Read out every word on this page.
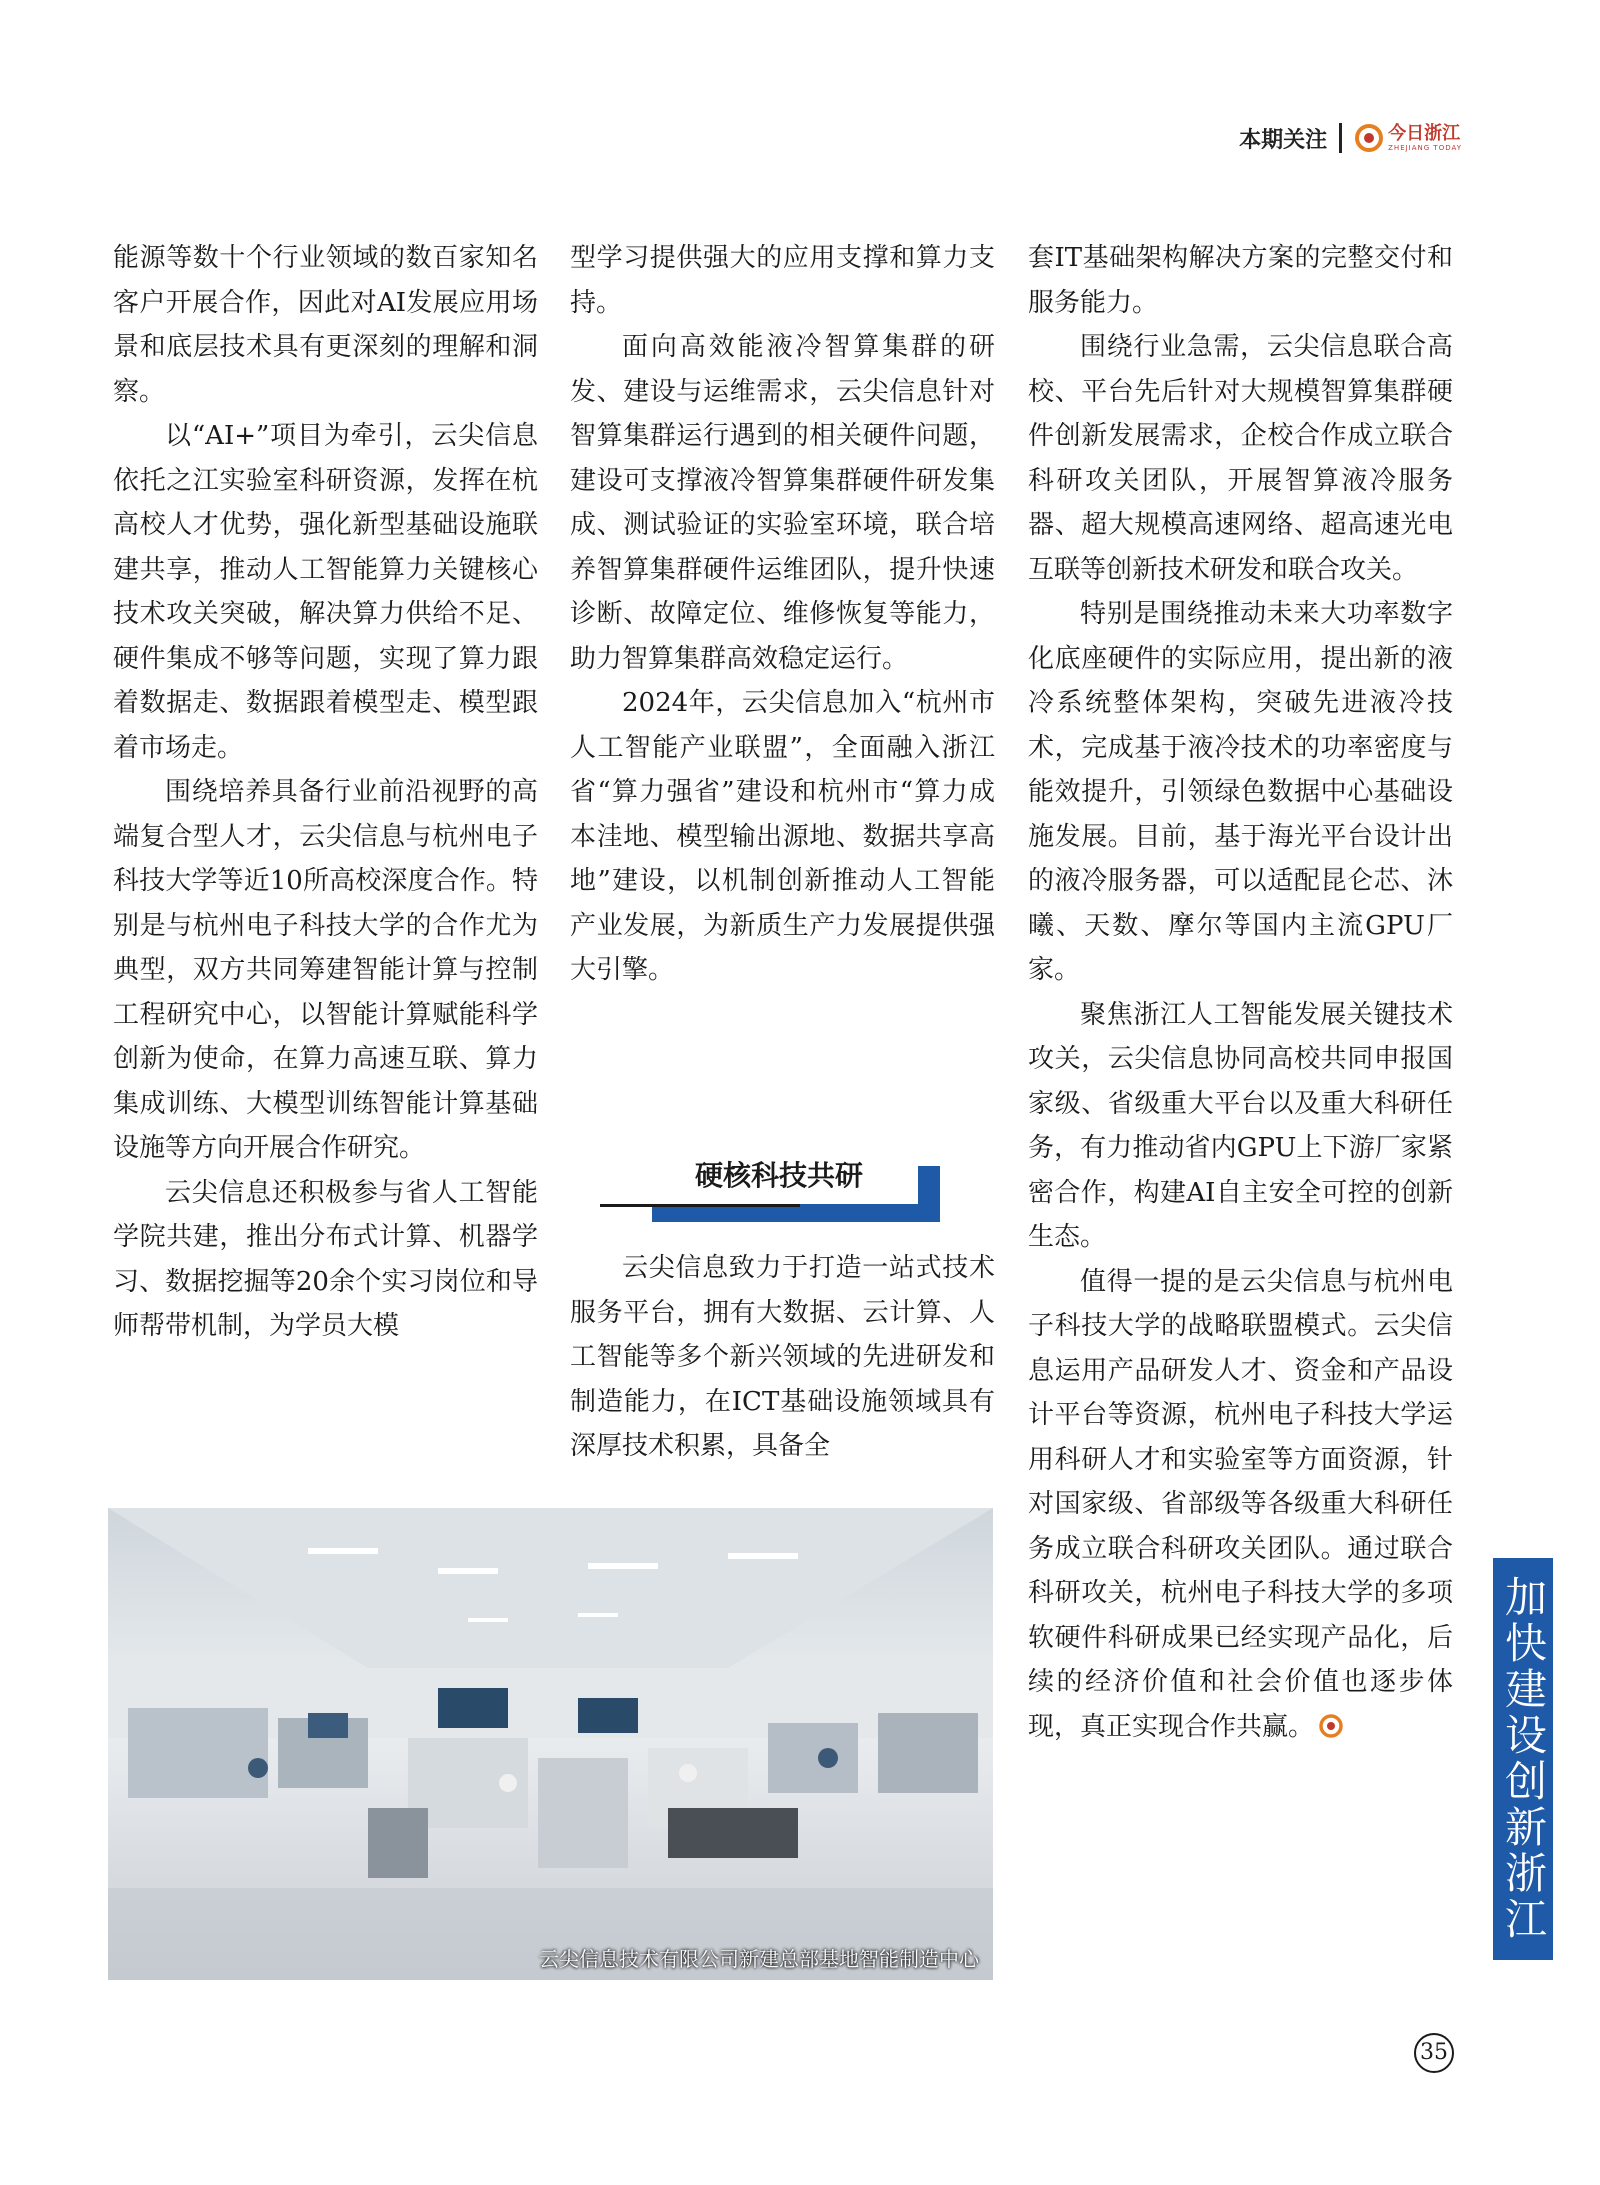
本期关注	今日浙江
ZHEJIANG TODAY

能源等数十个行业领域的数百家知名客户开展合作，因此对AI发展应用场景和底层技术具有更深刻的理解和洞察。

以“AI+”项目为牵引，云尖信息依托之江实验室科研资源，发挥在杭高校人才优势，强化新型基础设施联建共享，推动人工智能算力关键核心技术攻关突破，解决算力供给不足、硬件集成不够等问题，实现了算力跟着数据走、数据跟着模型走、模型跟着市场走。

围绕培养具备行业前沿视野的高端复合型人才，云尖信息与杭州电子科技大学等近10所高校深度合作。特别是与杭州电子科技大学的合作尤为典型，双方共同筹建智能计算与控制工程研究中心，以智能计算赋能科学创新为使命，在算力高速互联、算力集成训练、大模型训练智能计算基础设施等方向开展合作研究。

云尖信息还积极参与省人工智能学院共建，推出分布式计算、机器学习、数据挖掘等20余个实习岗位和导师帮带机制，为学员大模

型学习提供强大的应用支撑和算力支持。

面向高效能液冷智算集群的研发、建设与运维需求，云尖信息针对智算集群运行遇到的相关硬件问题，建设可支撑液冷智算集群硬件研发集成、测试验证的实验室环境，联合培养智算集群硬件运维团队，提升快速诊断、故障定位、维修恢复等能力，助力智算集群高效稳定运行。

2024年，云尖信息加入“杭州市人工智能产业联盟”，全面融入浙江省“算力强省”建设和杭州市“算力成本洼地、模型输出源地、数据共享高地”建设，以机制创新推动人工智能产业发展，为新质生产力发展提供强大引擎。

硬核科技共研

云尖信息致力于打造一站式技术服务平台，拥有大数据、云计算、人工智能等多个新兴领域的先进研发和制造能力，在ICT基础设施领域具有深厚技术积累，具备全

套IT基础架构解决方案的完整交付和服务能力。

围绕行业急需，云尖信息联合高校、平台先后针对大规模智算集群硬件创新发展需求，企校合作成立联合科研攻关团队，开展智算液冷服务器、超大规模高速网络、超高速光电互联等创新技术研发和联合攻关。

特别是围绕推动未来大功率数字化底座硬件的实际应用，提出新的液冷系统整体架构，突破先进液冷技术，完成基于液冷技术的功率密度与能效提升，引领绿色数据中心基础设施发展。目前，基于海光平台设计出的液冷服务器，可以适配昆仑芯、沐曦、天数、摩尔等国内主流GPU厂家。

聚焦浙江人工智能发展关键技术攻关，云尖信息协同高校共同申报国家级、省级重大平台以及重大科研任务，有力推动省内GPU上下游厂家紧密合作，构建AI自主安全可控的创新生态。

值得一提的是云尖信息与杭州电子科技大学的战略联盟模式。云尖信息运用产品研发人才、资金和产品设计平台等资源，杭州电子科技大学运用科研人才和实验室等方面资源，针对国家级、省部级等各级重大科研任务成立联合科研攻关团队。通过联合科研攻关，杭州电子科技大学的多项软硬件科研成果已经实现产品化，后续的经济价值和社会价值也逐步体现，真正实现合作共赢。

云尖信息技术有限公司新建总部基地智能制造中心
加快建设创新浙江
35
